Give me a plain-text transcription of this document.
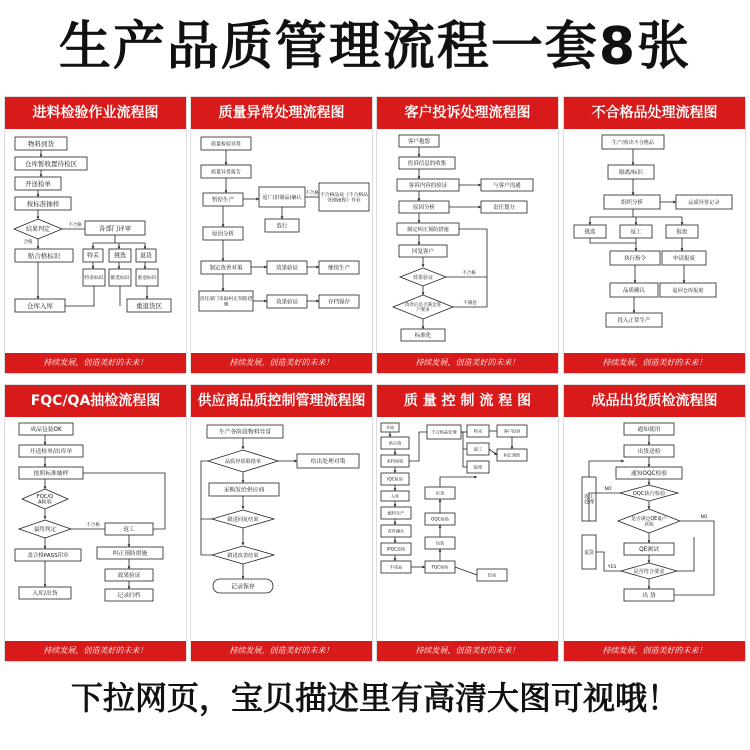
生产品质管理流程一套8张
进料检验作业流程图
物料到货
仓库暂收置待检区
开送检单
按标准抽样
结果判定
不合格	各部门评审
合格
贴合格标识	特采 挑选 退货
特采标识 挑选标识 重退标识
仓库入库	重退货区
持续发展，创造美好的未来！
质量异常处理流程图
质量检验异常
质量异常报告
暂停生产	返厂(旧制品)确认
不合格 不合格品按《不合格品
处理流程》作业
放行
原因分析
制定改善对策	效果验证	继续生产
责任部门采取纠正预防措
施	效果验证	存档保存
持续发展，创造美好的未来！
客户投诉处理流程图
客户抱怨
投诉信息的收集
客诉内容的验证	与客户沟通
原因分析	责任划分
制定纠正预防措施
回复客户
效果验证
不合格
改善后是否满足客
户要求
不满意
标准化
持续发展，创造美好的未来！
不合格品处理流程图
生产/检出不合格品
隔离/标识
组织分析	品质异常记录
挑选	返工	报废
执行指令	申请报废
品质确认	退回仓库报废
投入正常生产
持续发展，创造美好的未来！
FQC/QA抽检流程图
成品包装OK
开送检单/出库单
按照标准抽样
FQC/Q
A检验
最终判定
不合格
返工
盖合格PASS印章	纠正预防措施
效果验证
入库/出货	记录归档
持续发展，创造美好的未来！
供应商品质控制管理流程图
生产各阶段物料异常
品质异常联络单	给出处理对策
采购发给供应商
跟进回复结果
跟进改善结果
记录保存
持续发展，创造美好的未来！
质 量 控 制 流 程 图
开始
供应商
来料检验
IQC检验
入库
配料生产
首件确认
IPQC巡检
半成品	FQC检验
包装
OQC检验
出货
不合格品处理	特采
返工
报废
客户投诉
纠正预防
结束
持续发展，创造美好的未来！
成品出货质检流程图
通知使用
出货送检
通知OQC检验
OQC执行检验
是否满足QE量产
试验
QE测试
是否符合要求
出 货
返工
处理
退货
NO
NO
YES
持续发展，创造美好的未来！
下拉网页，宝贝描述里有高清大图可视哦！
